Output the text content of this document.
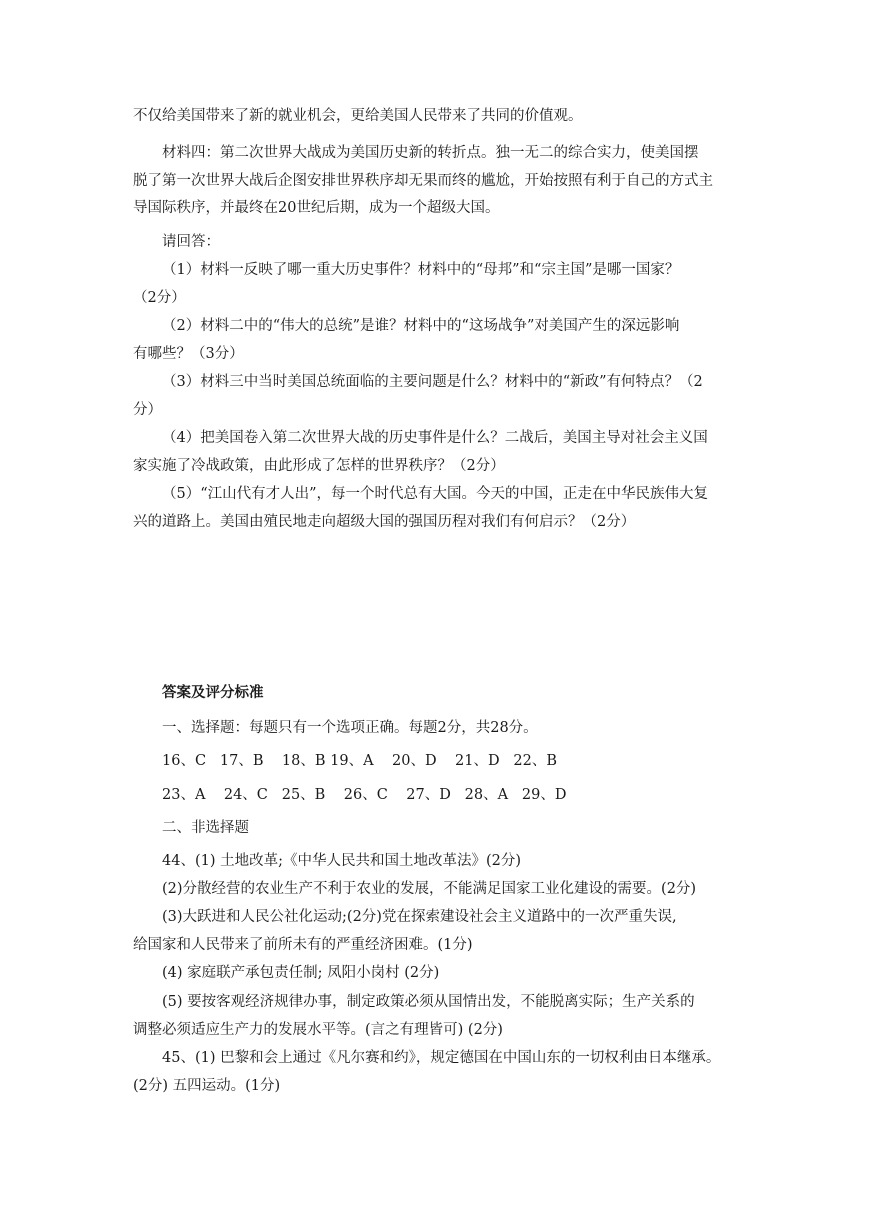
不仅给美国带来了新的就业机会，更给美国人民带来了共同的价值观。
材料四：第二次世界大战成为美国历史新的转折点。独一无二的综合实力，使美国摆
脱了第一次世界大战后企图安排世界秩序却无果而终的尴尬，开始按照有利于自己的方式主
导国际秩序，并最终在20世纪后期，成为一个超级大国。
请回答：
（1）材料一反映了哪一重大历史事件？材料中的“母邦”和“宗主国”是哪一国家？
（2分）
（2）材料二中的“伟大的总统”是谁？材料中的“这场战争”对美国产生的深远影响
有哪些？（3分）
（3）材料三中当时美国总统面临的主要问题是什么？材料中的“新政”有何特点？（2
分）
（4）把美国卷入第二次世界大战的历史事件是什么？二战后，美国主导对社会主义国
家实施了冷战政策，由此形成了怎样的世界秩序？（2分）
（5）“江山代有才人出”，每一个时代总有大国。今天的中国，正走在中华民族伟大复
兴的道路上。美国由殖民地走向超级大国的强国历程对我们有何启示？（2分）
答案及评分标准
一、选择题：每题只有一个选项正确。每题2分，共28分。
16、C   17、B    18、B 19、A    20、D    21、D   22、B
23、A    24、C   25、B    26、C    27、D   28、A   29、D
二、非选择题
44、(1) 土地改革;《中华人民共和国土地改革法》(2分)
(2)分散经营的农业生产不利于农业的发展，不能满足国家工业化建设的需要。(2分)
(3)大跃进和人民公社化运动;(2分)党在探索建设社会主义道路中的一次严重失误,
给国家和人民带来了前所未有的严重经济困难。(1分)
(4) 家庭联产承包责任制; 凤阳小岗村 (2分)
(5) 要按客观经济规律办事，制定政策必须从国情出发，不能脱离实际；生产关系的
调整必须适应生产力的发展水平等。(言之有理皆可) (2分)
45、(1) 巴黎和会上通过《凡尔赛和约》，规定德国在中国山东的一切权利由日本继承。
(2分) 五四运动。(1分)
